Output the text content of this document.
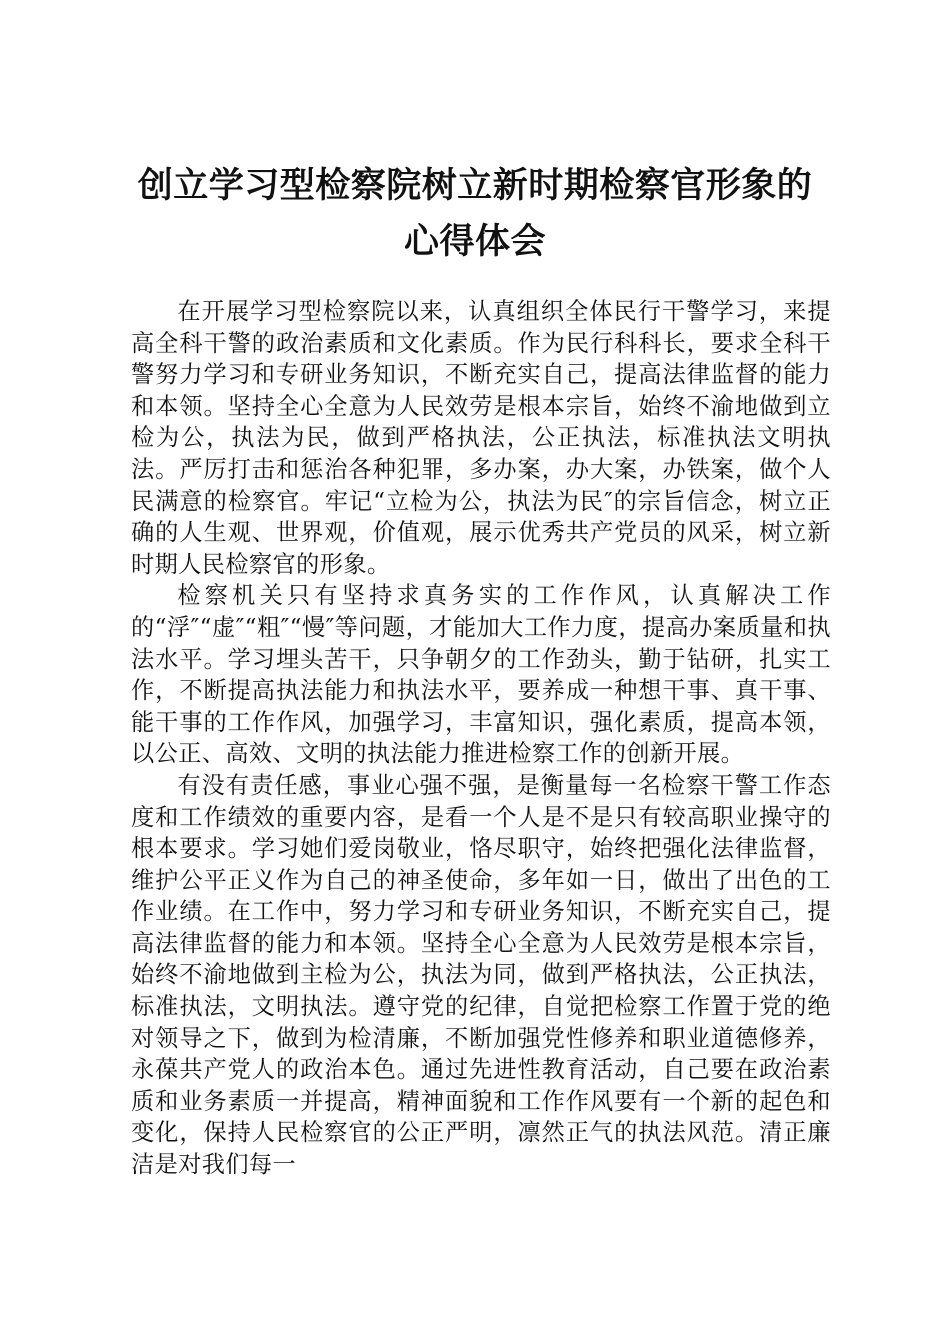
创立学习型检察院树立新时期检察官形象的心得体会

在开展学习型检察院以来，认真组织全体民行干警学习，来提高全科干警的政治素质和文化素质。作为民行科科长，要求全科干警努力学习和专研业务知识，不断充实自己，提高法律监督的能力和本领。坚持全心全意为人民效劳是根本宗旨，始终不渝地做到立检为公，执法为民，做到严格执法，公正执法，标准执法文明执法。严厉打击和惩治各种犯罪，多办案，办大案，办铁案，做个人民满意的检察官。牢记“立检为公，执法为民″的宗旨信念，树立正确的人生观、世界观，价值观，展示优秀共产党员的风采，树立新时期人民检察官的形象。

检察机关只有坚持求真务实的工作作风，认真解决工作的“浮″“虚″“粗″“慢″等问题，才能加大工作力度，提高办案质量和执法水平。学习埋头苦干，只争朝夕的工作劲头，勤于钻研，扎实工作，不断提高执法能力和执法水平，要养成一种想干事、真干事、能干事的工作作风，加强学习，丰富知识，强化素质，提高本领，以公正、高效、文明的执法能力推进检察工作的创新开展。

有没有责任感，事业心强不强，是衡量每一名检察干警工作态度和工作绩效的重要内容，是看一个人是不是只有较高职业操守的根本要求。学习她们爱岗敬业，恪尽职守，始终把强化法律监督，维护公平正义作为自己的神圣使命，多年如一日，做出了出色的工作业绩。在工作中，努力学习和专研业务知识，不断充实自己，提高法律监督的能力和本领。坚持全心全意为人民效劳是根本宗旨，始终不渝地做到主检为公，执法为同，做到严格执法，公正执法，标准执法，文明执法。遵守党的纪律，自觉把检察工作置于党的绝对领导之下，做到为检清廉，不断加强党性修养和职业道德修养，永葆共产党人的政治本色。通过先进性教育活动，自己要在政治素质和业务素质一并提高，精神面貌和工作作风要有一个新的起色和变化，保持人民检察官的公正严明，凛然正气的执法风范。清正廉洁是对我们每一
